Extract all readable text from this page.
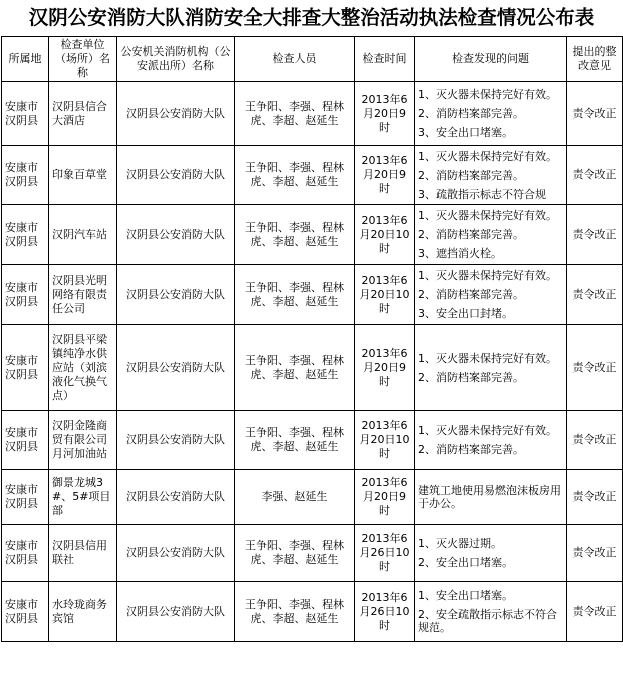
汉阴公安消防大队消防安全大排查大整治活动执法检查情况公布表
所属地	检查单位（场所）名称	公安机关消防机构（公安派出所）名称	检查人员	检查时间	检查发现的问题	提出的整改意见
安康市汉阴县	汉阴县信合大酒店	汉阴县公安消防大队	王争阳、李强、程林虎、李超、赵延生	2013年6月20日9时	1、灭火器未保持完好有效。
2、消防档案部完善。
3、安全出口堵塞。	责令改正
安康市汉阴县	印象百草堂	汉阴县公安消防大队	王争阳、李强、程林虎、李超、赵延生	2013年6月20日9时	1、灭火器未保持完好有效。
2、消防档案部完善。
3、疏散指示标志不符合规	责令改正
安康市汉阴县	汉阴汽车站	汉阴县公安消防大队	王争阳、李强、程林虎、李超、赵延生	2013年6月20日10时	1、灭火器未保持完好有效。
2、消防档案部完善。
3、遮挡消火栓。	责令改正
安康市汉阴县	汉阴县光明网络有限责任公司	汉阴县公安消防大队	王争阳、李强、程林虎、李超、赵延生	2013年6月20日10时	1、灭火器未保持完好有效。
2、消防档案部完善。
3、安全出口封堵。	责令改正
安康市汉阴县	汉阴县平梁镇纯净水供应站（刘滨液化气换气点）	汉阴县公安消防大队	王争阳、李强、程林虎、李超、赵延生	2013年6月20日9时	1、灭火器未保持完好有效。
2、消防档案部完善。	责令改正
安康市汉阴县	汉阴金隆商贸有限公司月河加油站	汉阴县公安消防大队	王争阳、李强、程林虎、李超、赵延生	2013年6月20日10时	1、灭火器未保持完好有效。
2、消防档案部完善。	责令改正
安康市汉阴县	御景龙城3#、5#项目部	汉阴县公安消防大队	李强、赵延生	2013年6月20日9时	建筑工地使用易燃泡沫板房用于办公。	责令改正
安康市汉阴县	汉阴县信用联社	汉阴县公安消防大队	王争阳、李强、程林虎、李超、赵延生	2013年6月26日10时	1、灭火器过期。
2、安全出口堵塞。	责令改正
安康市汉阴县	水玲珑商务宾馆	汉阴县公安消防大队	王争阳、李强、程林虎、李超、赵延生	2013年6月26日10时	1、安全出口堵塞。
2、安全疏散指示标志不符合规范。	责令改正
